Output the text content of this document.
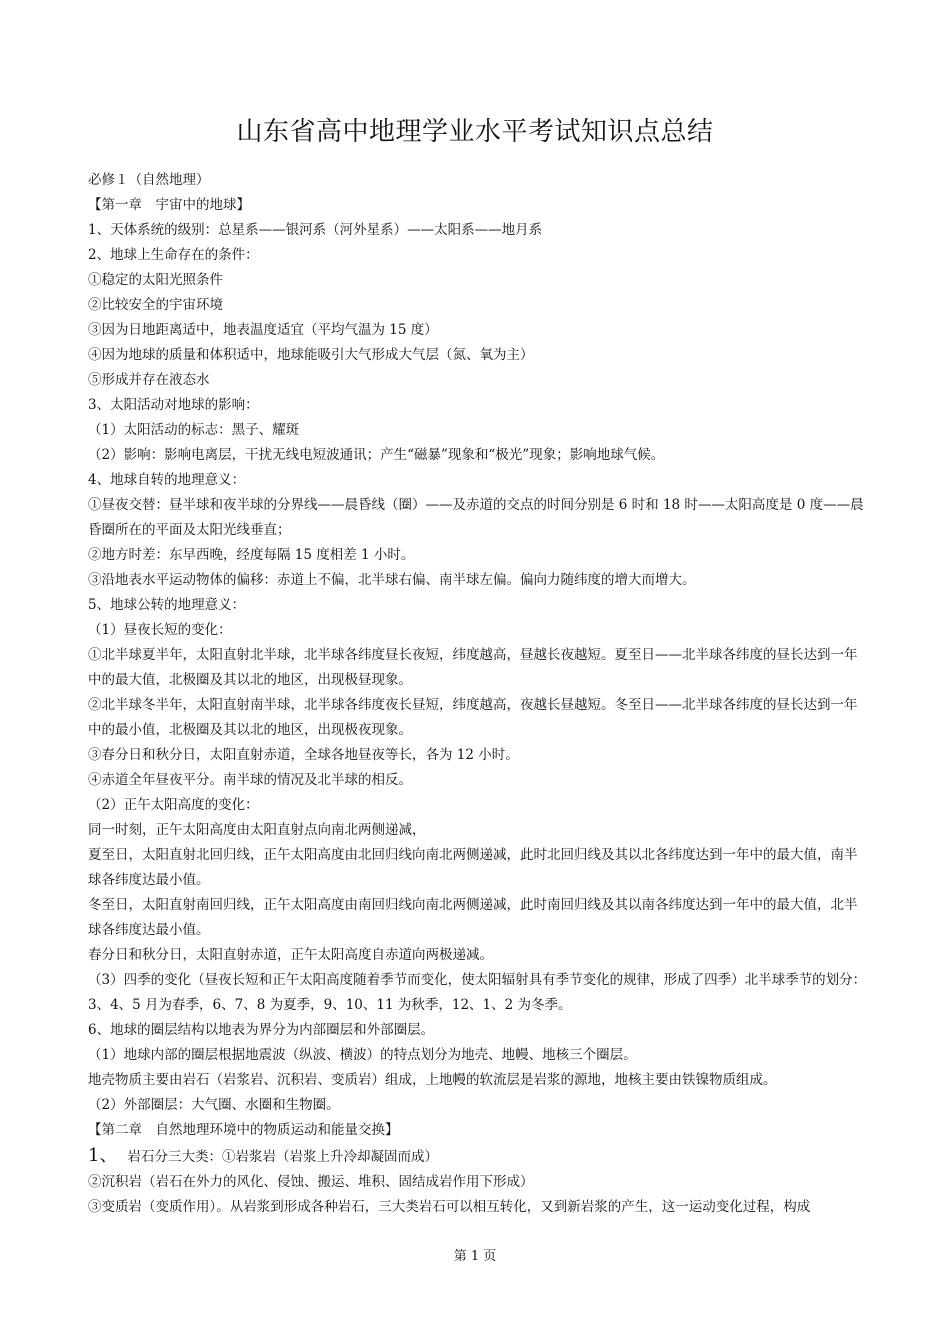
山东省高中地理学业水平考试知识点总结

必修１（自然地理）

【第一章　宇宙中的地球】

1、天体系统的级别：总星系——银河系（河外星系）——太阳系——地月系

2、地球上生命存在的条件：

①稳定的太阳光照条件

②比较安全的宇宙环境

③因为日地距离适中，地表温度适宜（平均气温为 15 度）

④因为地球的质量和体积适中，地球能吸引大气形成大气层（氮、氧为主）

⑤形成并存在液态水

3、太阳活动对地球的影响：

（1）太阳活动的标志：黑子、耀斑

（2）影响：影响电离层，干扰无线电短波通讯；产生“磁暴”现象和“极光”现象；影响地球气候。

4、地球自转的地理意义：

①昼夜交替：昼半球和夜半球的分界线——晨昏线（圈）——及赤道的交点的时间分别是 6 时和 18 时——太阳高度是 0 度——晨昏圈所在的平面及太阳光线垂直；

②地方时差：东早西晚，经度每隔 15 度相差 1 小时。

③沿地表水平运动物体的偏移：赤道上不偏，北半球右偏、南半球左偏。偏向力随纬度的增大而增大。

5、地球公转的地理意义：

（1）昼夜长短的变化：

①北半球夏半年，太阳直射北半球，北半球各纬度昼长夜短，纬度越高，昼越长夜越短。夏至日——北半球各纬度的昼长达到一年中的最大值，北极圈及其以北的地区，出现极昼现象。

②北半球冬半年，太阳直射南半球，北半球各纬度夜长昼短，纬度越高，夜越长昼越短。冬至日——北半球各纬度的昼长达到一年中的最小值，北极圈及其以北的地区，出现极夜现象。

③春分日和秋分日，太阳直射赤道，全球各地昼夜等长，各为 12 小时。

④赤道全年昼夜平分。南半球的情况及北半球的相反。

（2）正午太阳高度的变化：

同一时刻，正午太阳高度由太阳直射点向南北两侧递减，

夏至日，太阳直射北回归线，正午太阳高度由北回归线向南北两侧递减，此时北回归线及其以北各纬度达到一年中的最大值，南半球各纬度达最小值。

冬至日，太阳直射南回归线，正午太阳高度由南回归线向南北两侧递减，此时南回归线及其以南各纬度达到一年中的最大值，北半球各纬度达最小值。

春分日和秋分日，太阳直射赤道，正午太阳高度自赤道向两极递减。

（3）四季的变化（昼夜长短和正午太阳高度随着季节而变化，使太阳辐射具有季节变化的规律，形成了四季）北半球季节的划分：3、4、5 月为春季，6、7、8 为夏季，9、10、11 为秋季，12、1、2 为冬季。

6、地球的圈层结构以地表为界分为内部圈层和外部圈层。

（1）地球内部的圈层根据地震波（纵波、横波）的特点划分为地壳、地幔、地核三个圈层。

地壳物质主要由岩石（岩浆岩、沉积岩、变质岩）组成，上地幔的软流层是岩浆的源地，地核主要由铁镍物质组成。

（2）外部圈层：大气圈、水圈和生物圈。

【第二章　自然地理环境中的物质运动和能量交换】

1、 岩石分三大类：①岩浆岩（岩浆上升冷却凝固而成）

②沉积岩（岩石在外力的风化、侵蚀、搬运、堆积、固结成岩作用下形成）

③变质岩（变质作用）。从岩浆到形成各种岩石，三大类岩石可以相互转化，又到新岩浆的产生，这一运动变化过程，构成

第 1 页
